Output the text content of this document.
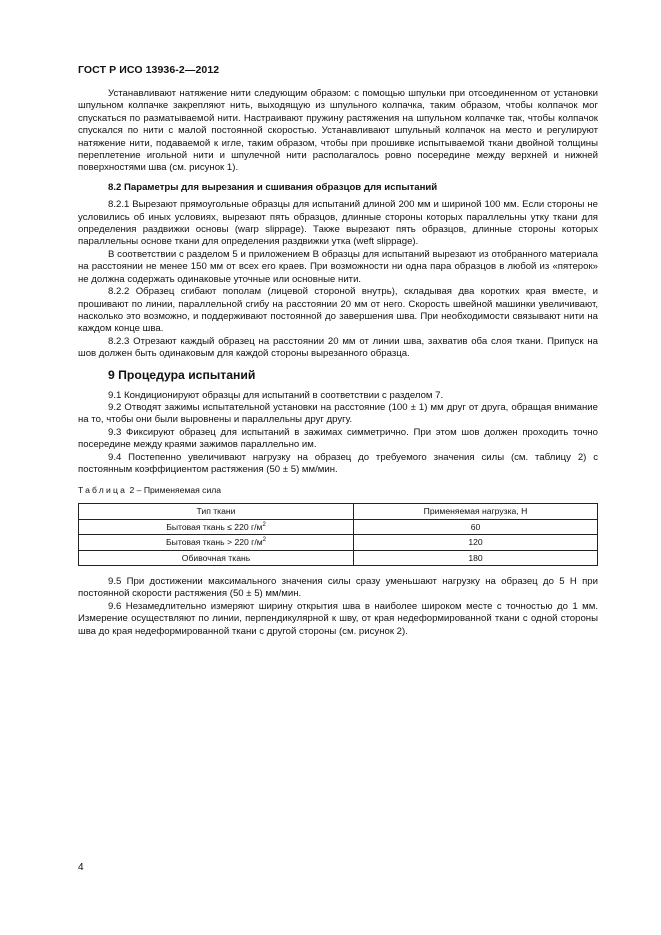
ГОСТ Р ИСО 13936-2—2012

Устанавливают натяжение нити следующим образом: с помощью шпульки при отсоединенном от установки шпульном колпачке закрепляют нить, выходящую из шпульного колпачка, таким образом, чтобы колпачок мог спускаться по разматываемой нити. Настраивают пружину растяжения на шпульном колпачке так, чтобы колпачок спускался по нити с малой постоянной скоростью. Устанавливают шпульный колпачок на место и регулируют натяжение нити, подаваемой к игле, таким образом, чтобы при прошивке испытываемой ткани двойной толщины переплетение игольной нити и шпулечной нити располагалось ровно посередине между верхней и нижней поверхностями шва (см. рисунок 1).

8.2 Параметры для вырезания и сшивания образцов для испытаний

8.2.1 Вырезают прямоугольные образцы для испытаний длиной 200 мм и шириной 100 мм. Если стороны не условились об иных условиях, вырезают пять образцов, длинные стороны которых параллельны утку ткани для определения раздвижки основы (warp slippage). Также вырезают пять образцов, длинные стороны которых параллельны основе ткани для определения раздвижки утка (weft slippage).

В соответствии с разделом 5 и приложением В образцы для испытаний вырезают из отобранного материала на расстоянии не менее 150 мм от всех его краев. При возможности ни одна пара образцов в любой из «пятерок» не должна содержать одинаковые уточные или основные нити.

8.2.2 Образец сгибают пополам (лицевой стороной внутрь), складывая два коротких края вместе, и прошивают по линии, параллельной сгибу на расстоянии 20 мм от него. Скорость швейной машинки увеличивают, насколько это возможно, и поддерживают постоянной до завершения шва. При необходимости связывают нити на каждом конце шва.

8.2.3 Отрезают каждый образец на расстоянии 20 мм от линии шва, захватив оба слоя ткани. Припуск на шов должен быть одинаковым для каждой стороны вырезанного образца.

9 Процедура испытаний

9.1 Кондиционируют образцы для испытаний в соответствии с разделом 7.

9.2 Отводят зажимы испытательной установки на расстояние (100 ± 1) мм друг от друга, обращая внимание на то, чтобы они были выровнены и параллельны друг другу.

9.3 Фиксируют образец для испытаний в зажимах симметрично. При этом шов должен проходить точно посередине между краями зажимов параллельно им.

9.4 Постепенно увеличивают нагрузку на образец до требуемого значения силы (см. таблицу 2) с постоянным коэффициентом растяжения (50 ± 5) мм/мин.

Таблица 2 – Применяемая сила
Тип ткани	Применяемая нагрузка, Н
Бытовая ткань ≤ 220 $г/м^2$	60
Бытовая ткань > 220 $г/м^2$	120
Обивочная ткань	180

9.5 При достижении максимального значения силы сразу уменьшают нагрузку на образец до 5 Н при постоянной скорости растяжения (50 ± 5) мм/мин.

9.6 Незамедлительно измеряют ширину открытия шва в наиболее широком месте с точностью до 1 мм. Измерение осуществляют по линии, перпендикулярной к шву, от края недеформированной ткани с одной стороны шва до края недеформированной ткани с другой стороны (см. рисунок 2).

4
